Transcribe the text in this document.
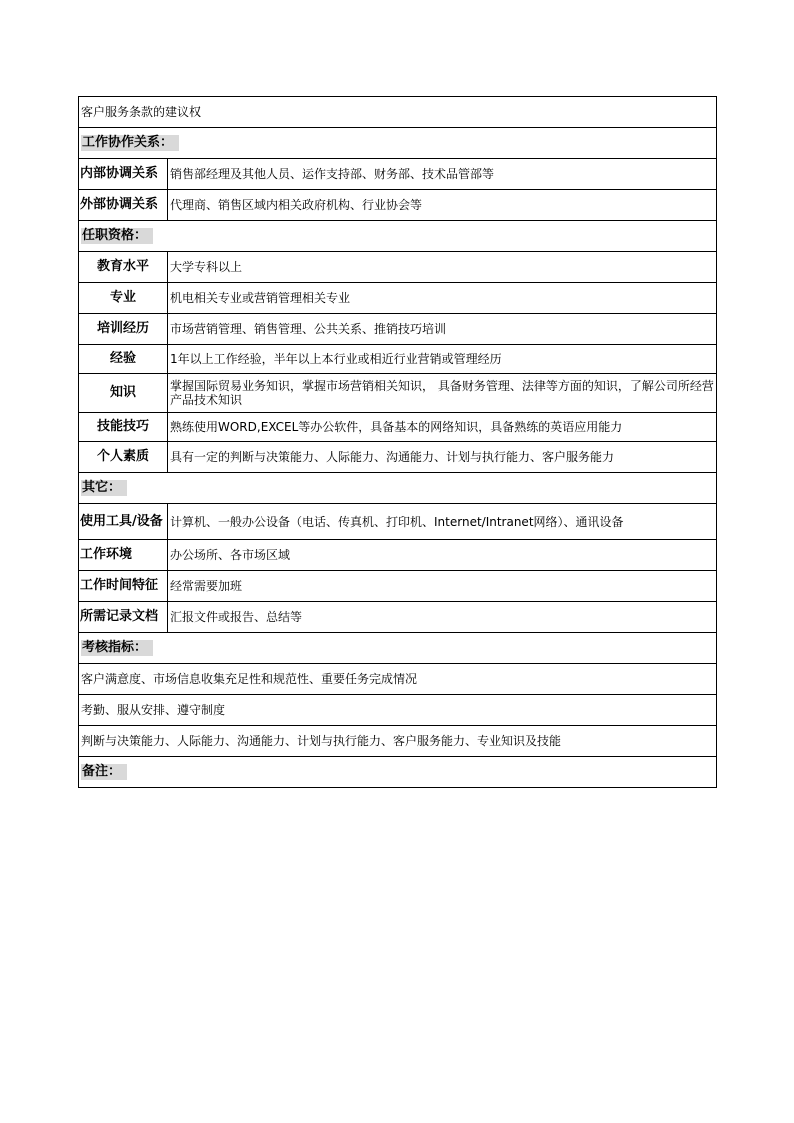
客户服务条款的建议权	
工作协作关系：	
内部协调关系	销售部经理及其他人员、运作支持部、财务部、技术品管部等
外部协调关系	代理商、销售区域内相关政府机构、行业协会等
任职资格：	
教育水平	大学专科以上
专业	机电相关专业或营销管理相关专业
培训经历	市场营销管理、销售管理、公共关系、推销技巧培训
经验	1年以上工作经验，半年以上本行业或相近行业营销或管理经历
知识	掌握国际贸易业务知识，掌握市场营销相关知识， 具备财务管理、法律等方面的知识，了解公司所经营产品技术知识
技能技巧	熟练使用WORD,EXCEL等办公软件，具备基本的网络知识，具备熟练的英语应用能力
个人素质	具有一定的判断与决策能力、人际能力、沟通能力、计划与执行能力、客户服务能力
其它：	
使用工具/设备	计算机、一般办公设备（电话、传真机、打印机、Internet/Intranet网络）、通讯设备
工作环境	办公场所、各市场区域
工作时间特征	经常需要加班
所需记录文档	汇报文件或报告、总结等
考核指标：	
客户满意度、市场信息收集充足性和规范性、重要任务完成情况	
考勤、服从安排、遵守制度	
判断与决策能力、人际能力、沟通能力、计划与执行能力、客户服务能力、专业知识及技能	
备注：	
